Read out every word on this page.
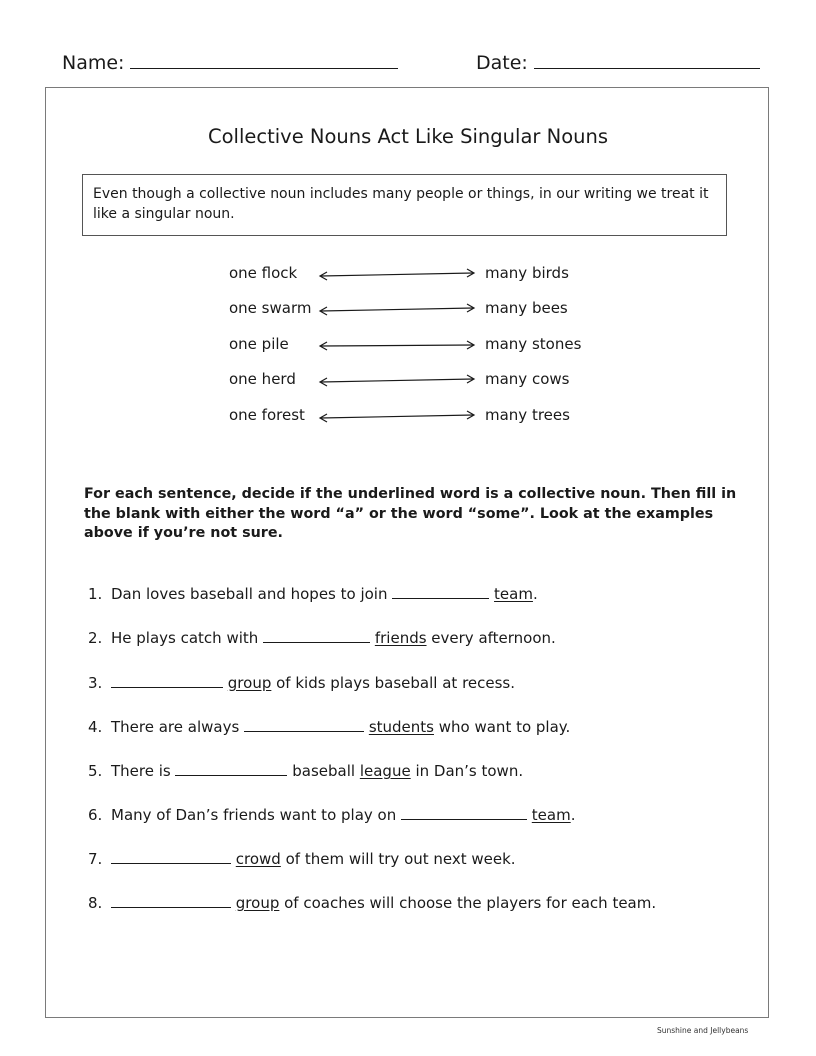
Name:	Date:
Collective Nouns Act Like Singular Nouns
Even though a collective noun includes many people or things, in our writing we treat it like a singular noun.
one flock	many birds
one swarm	many bees
one pile	many stones
one herd	many cows
one forest	many trees
For each sentence, decide if the underlined word is a collective noun. Then fill in the blank with either the word “a” or the word “some”. Look at the examples above if you’re not sure.
1. Dan loves baseball and hopes to join	team.
2. He plays catch with	friends every afternoon.
3.	group of kids plays baseball at recess.
4. There are always	students who want to play.
5. There is	baseball league in Dan’s town.
6. Many of Dan’s friends want to play on	team.
7.	crowd of them will try out next week.
8.	group of coaches will choose the players for each team.
Sunshine and Jellybeans
